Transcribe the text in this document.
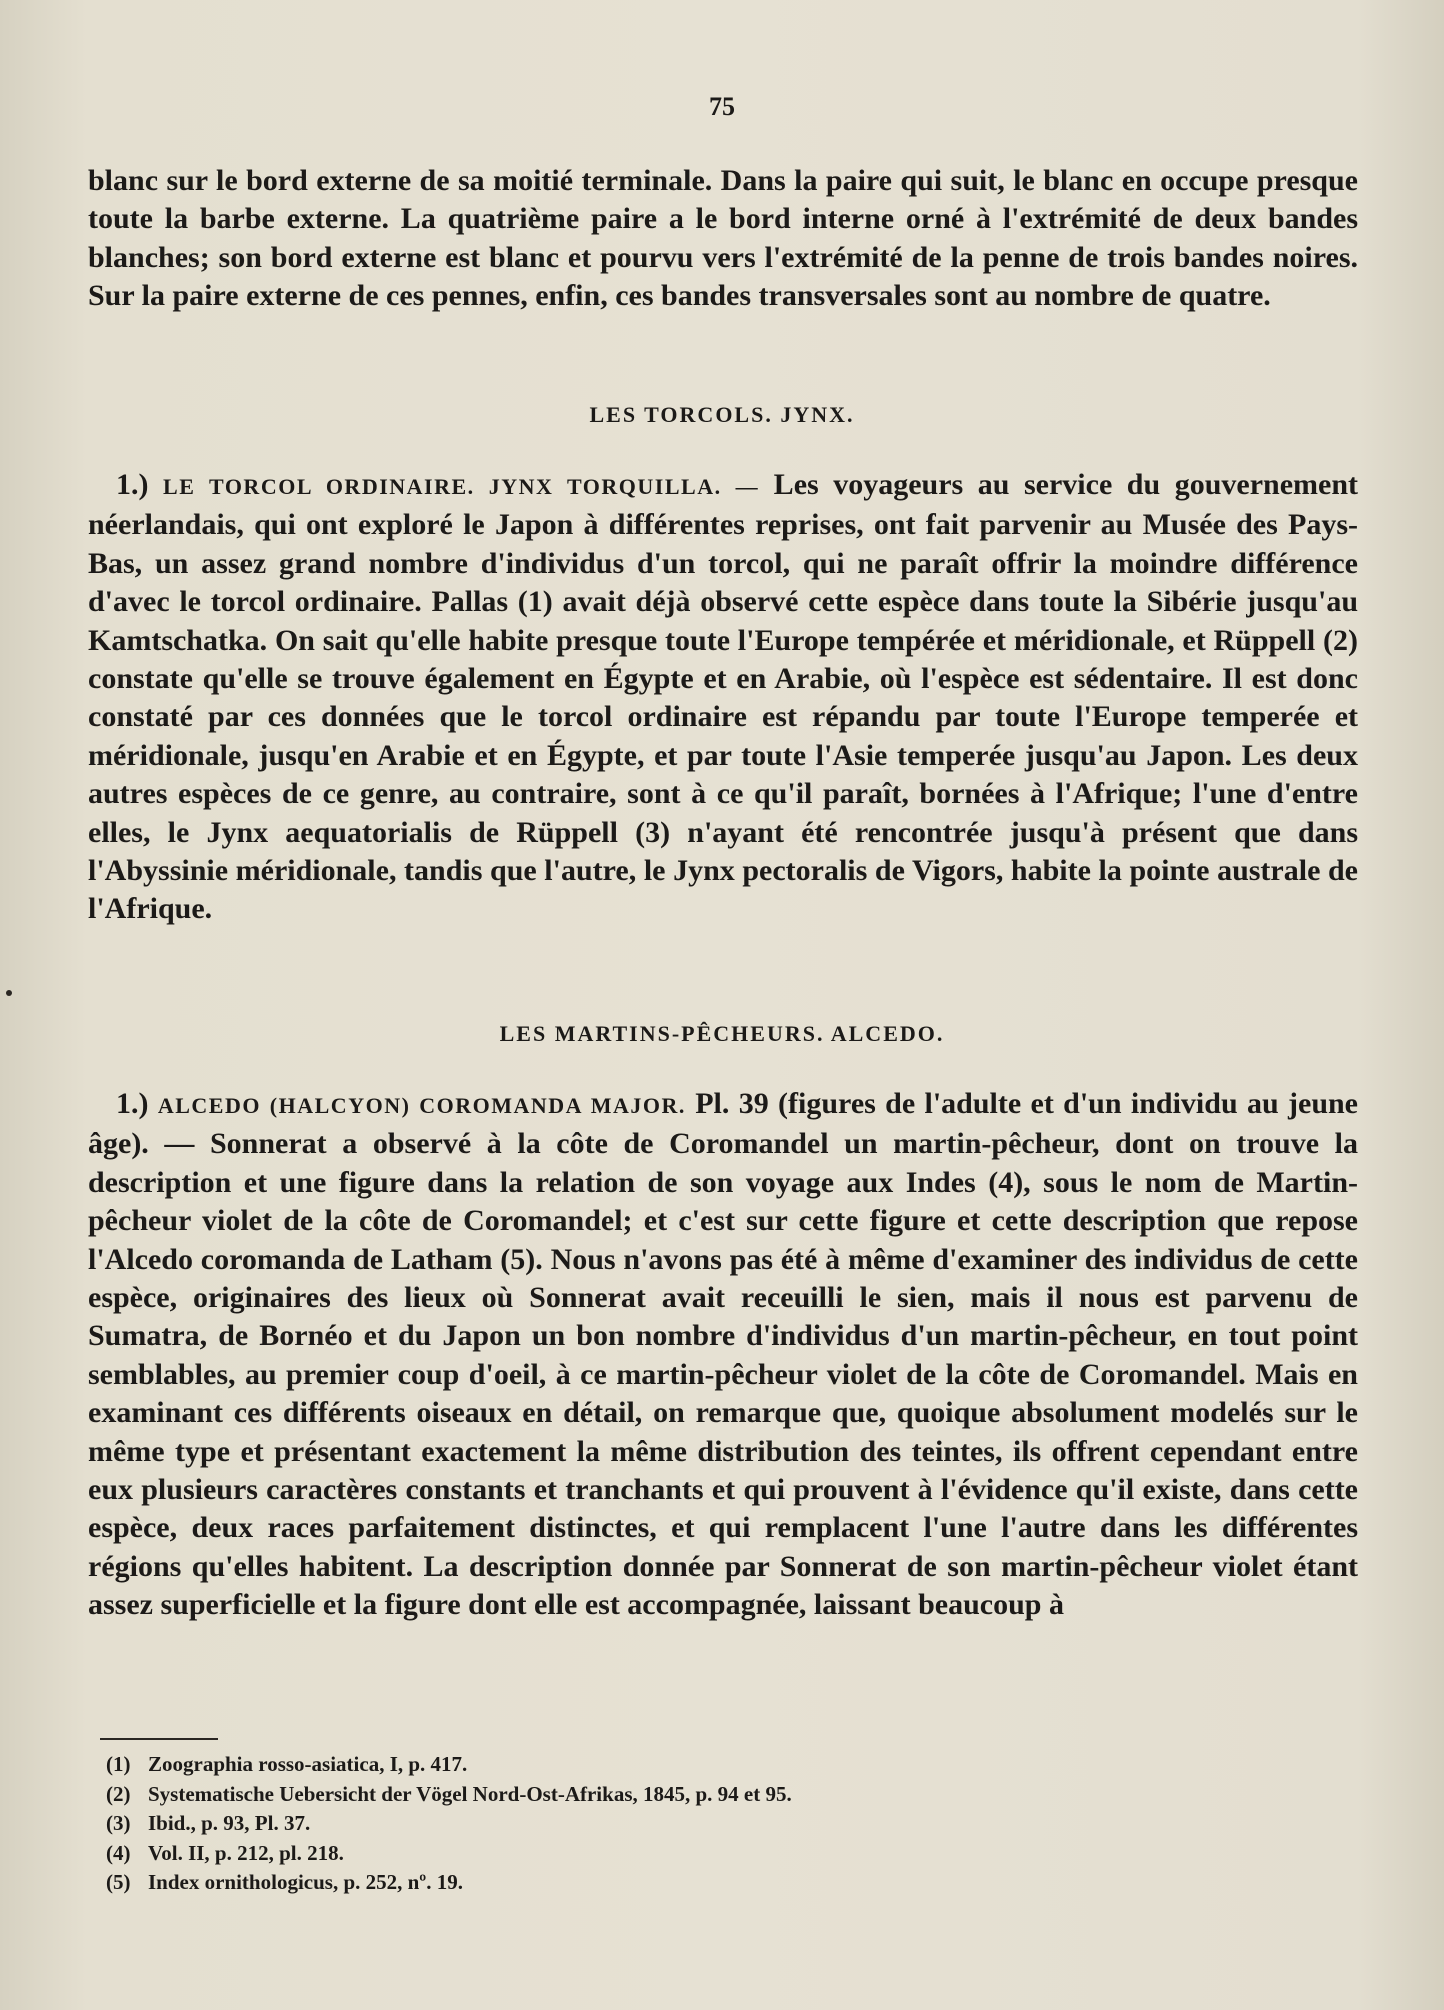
75

blanc sur le bord externe de sa moitié terminale. Dans la paire qui suit, le blanc en occupe presque toute la barbe externe. La quatrième paire a le bord interne orné à l'extrémité de deux bandes blanches; son bord externe est blanc et pourvu vers l'extrémité de la penne de trois bandes noires. Sur la paire externe de ces pennes, enfin, ces bandes transversales sont au nombre de quatre.

LES TORCOLS. JYNX.

1.) LE TORCOL ORDINAIRE. JYNX TORQUILLA. — Les voyageurs au service du gouvernement néerlandais, qui ont exploré le Japon à différentes reprises, ont fait parvenir au Musée des Pays-Bas, un assez grand nombre d'individus d'un torcol, qui ne paraît offrir la moindre différence d'avec le torcol ordinaire. Pallas (1) avait déjà observé cette espèce dans toute la Sibérie jusqu'au Kamtschatka. On sait qu'elle habite presque toute l'Europe tempérée et méridionale, et Rüppell (2) constate qu'elle se trouve également en Égypte et en Arabie, où l'espèce est sédentaire. Il est donc constaté par ces données que le torcol ordinaire est répandu par toute l'Europe temperée et méridionale, jusqu'en Arabie et en Égypte, et par toute l'Asie temperée jusqu'au Japon. Les deux autres espèces de ce genre, au contraire, sont à ce qu'il paraît, bornées à l'Afrique; l'une d'entre elles, le Jynx aequatorialis de Rüppell (3) n'ayant été rencontrée jusqu'à présent que dans l'Abyssinie méridionale, tandis que l'autre, le Jynx pectoralis de Vigors, habite la pointe australe de l'Afrique.

LES MARTINS-PÊCHEURS. ALCEDO.

1.) ALCEDO (HALCYON) COROMANDA MAJOR. Pl. 39 (figures de l'adulte et d'un individu au jeune âge). — Sonnerat a observé à la côte de Coromandel un martin-pêcheur, dont on trouve la description et une figure dans la relation de son voyage aux Indes (4), sous le nom de Martin-pêcheur violet de la côte de Coromandel; et c'est sur cette figure et cette description que repose l'Alcedo coromanda de Latham (5). Nous n'avons pas été à même d'examiner des individus de cette espèce, originaires des lieux où Sonnerat avait receuilli le sien, mais il nous est parvenu de Sumatra, de Bornéo et du Japon un bon nombre d'individus d'un martin-pêcheur, en tout point semblables, au premier coup d'oeil, à ce martin-pêcheur violet de la côte de Coromandel. Mais en examinant ces différents oiseaux en détail, on remarque que, quoique absolument modelés sur le même type et présentant exactement la même distribution des teintes, ils offrent cependant entre eux plusieurs caractères constants et tranchants et qui prouvent à l'évidence qu'il existe, dans cette espèce, deux races parfaitement distinctes, et qui remplacent l'une l'autre dans les différentes régions qu'elles habitent. La description donnée par Sonnerat de son martin-pêcheur violet étant assez superficielle et la figure dont elle est accompagnée, laissant beaucoup à

(1) Zoographia rosso-asiatica, I, p. 417.
(2) Systematische Uebersicht der Vögel Nord-Ost-Afrikas, 1845, p. 94 et 95.
(3) Ibid., p. 93, Pl. 37.
(4) Vol. II, p. 212, pl. 218.
(5) Index ornithologicus, p. 252, nº. 19.
